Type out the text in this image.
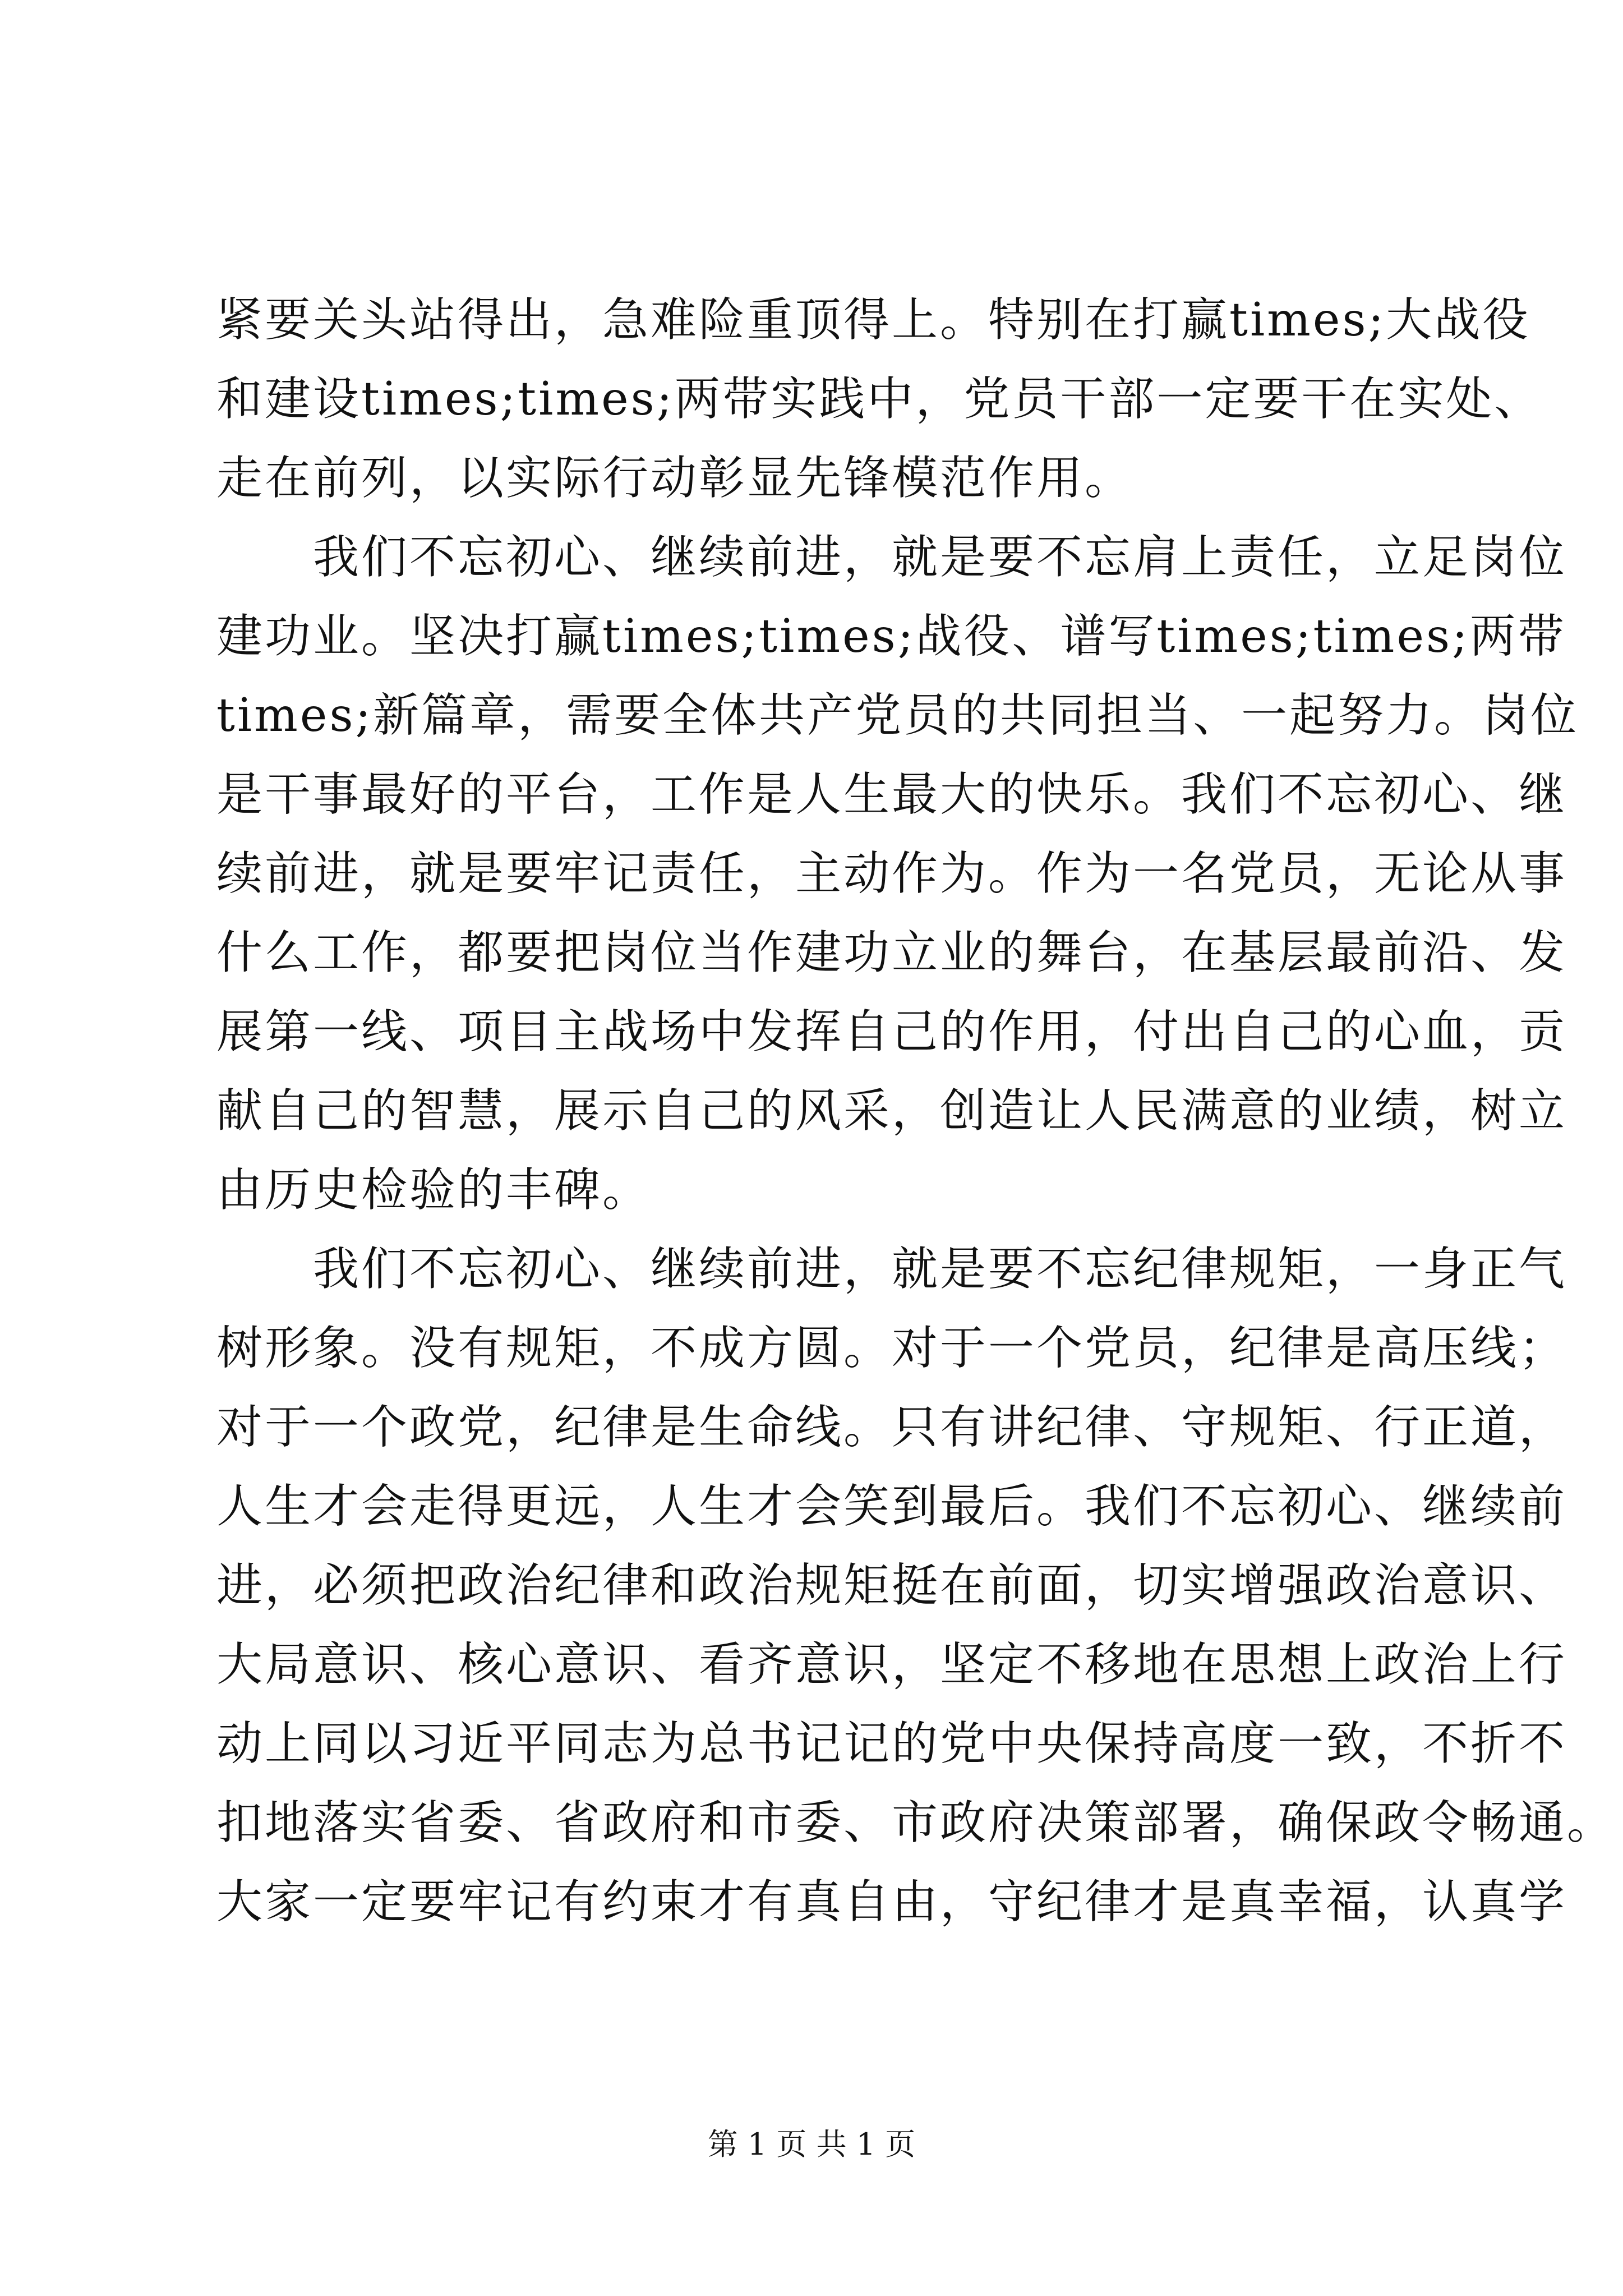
紧要关头站得出，急难险重顶得上。特别在打赢times;大战役
和建设times;times;两带实践中，党员干部一定要干在实处、
走在前列，以实际行动彰显先锋模范作用。
　　我们不忘初心、继续前进，就是要不忘肩上责任，立足岗位
建功业。坚决打赢times;times;战役、谱写times;times;两带
times;新篇章，需要全体共产党员的共同担当、一起努力。岗位
是干事最好的平台，工作是人生最大的快乐。我们不忘初心、继
续前进，就是要牢记责任，主动作为。作为一名党员，无论从事
什么工作，都要把岗位当作建功立业的舞台，在基层最前沿、发
展第一线、项目主战场中发挥自己的作用，付出自己的心血，贡
献自己的智慧，展示自己的风采，创造让人民满意的业绩，树立
由历史检验的丰碑。
　　我们不忘初心、继续前进，就是要不忘纪律规矩，一身正气
树形象。没有规矩，不成方圆。对于一个党员，纪律是高压线；
对于一个政党，纪律是生命线。只有讲纪律、守规矩、行正道，
人生才会走得更远，人生才会笑到最后。我们不忘初心、继续前
进，必须把政治纪律和政治规矩挺在前面，切实增强政治意识、
大局意识、核心意识、看齐意识，坚定不移地在思想上政治上行
动上同以习近平同志为总书记记的党中央保持高度一致，不折不
扣地落实省委、省政府和市委、市政府决策部署，确保政令畅通。
大家一定要牢记有约束才有真自由，守纪律才是真幸福，认真学
第 1 页 共 1 页
